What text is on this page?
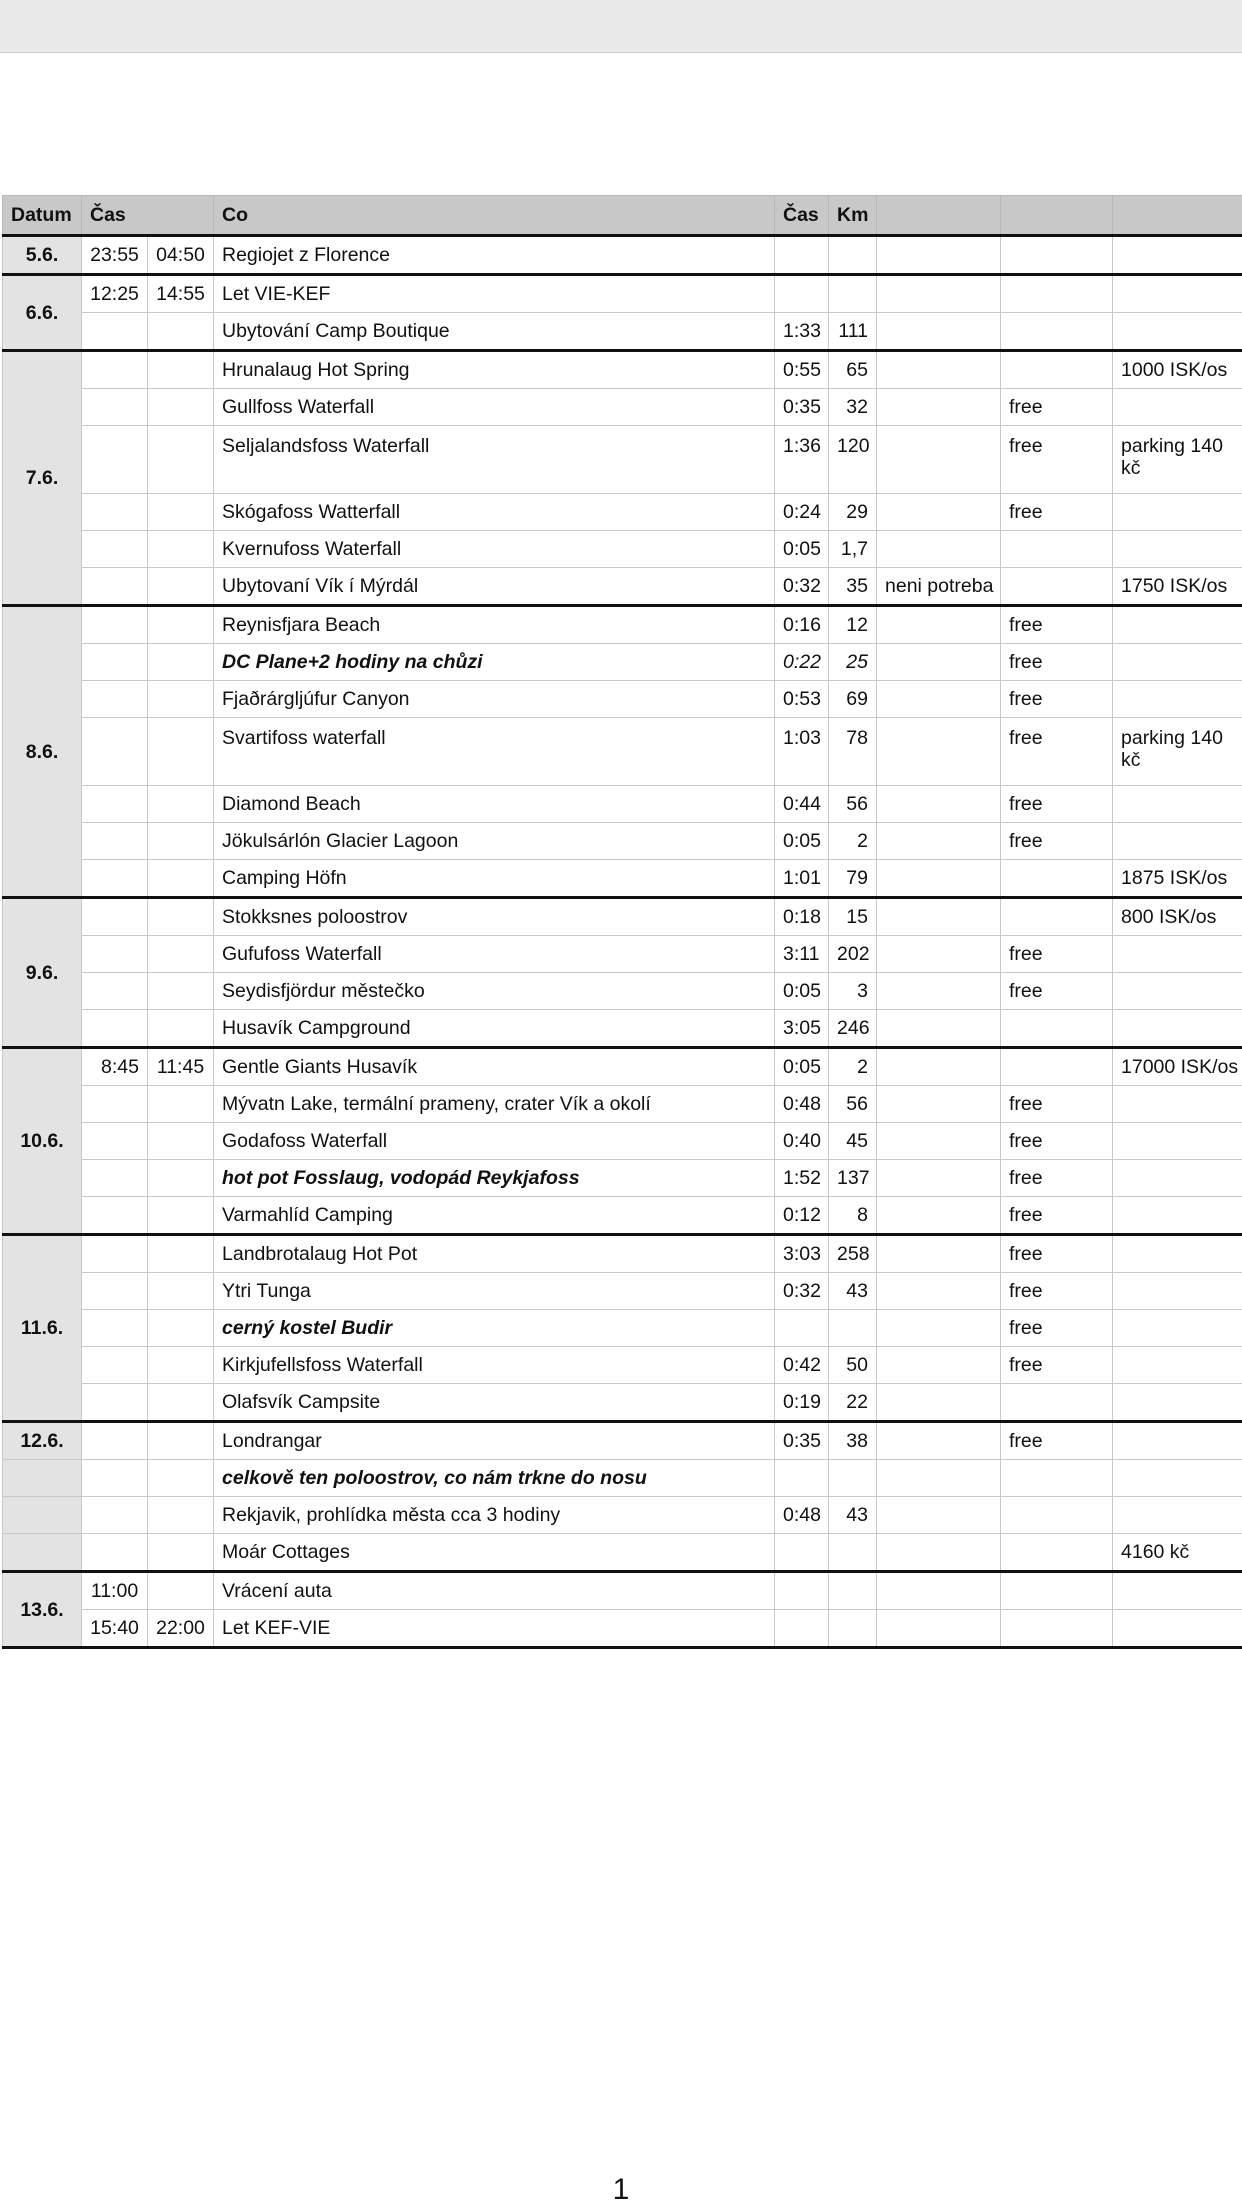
Datum	Čas		Co	Čas	Km			
5.6.	23:55	04:50	Regiojet z Florence					
6.6.	12:25	14:55	Let VIE-KEF					
			Ubytování Camp Boutique	1:33	111			
7.6.			Hrunalaug Hot Spring	0:55	65			1000 ISK/os
			Gullfoss Waterfall	0:35	32		free	
			Seljalandsfoss Waterfall	1:36	120		free	parking 140 kč
			Skógafoss Watterfall	0:24	29		free	
			Kvernufoss Waterfall	0:05	1,7			
			Ubytovaní Vík í Mýrdál	0:32	35	neni potreba		1750 ISK/os
8.6.			Reynisfjara Beach	0:16	12		free	
			DC Plane+2 hodiny na chůzi	0:22	25		free	
			Fjaðrárgljúfur Canyon	0:53	69		free	
			Svartifoss waterfall	1:03	78		free	parking 140 kč
			Diamond Beach	0:44	56		free	
			Jökulsárlón Glacier Lagoon	0:05	2		free	
			Camping Höfn	1:01	79			1875 ISK/os
9.6.			Stokksnes poloostrov	0:18	15			800 ISK/os
			Gufufoss Waterfall	3:11	202		free	
			Seydisfjördur městečko	0:05	3		free	
			Husavík Campground	3:05	246			
10.6.	8:45	11:45	Gentle Giants Husavík	0:05	2			17000 ISK/os
			Mývatn Lake, termální prameny, crater Vík a okolí	0:48	56		free	
			Godafoss Waterfall	0:40	45		free	
			hot pot Fosslaug, vodopád Reykjafoss	1:52	137		free	
			Varmahlíd Camping	0:12	8		free	
11.6.			Landbrotalaug Hot Pot	3:03	258		free	
			Ytri Tunga	0:32	43		free	
			cerný kostel Budir				free	
			Kirkjufellsfoss Waterfall	0:42	50		free	
			Olafsvík Campsite	0:19	22			
12.6.			Londrangar	0:35	38		free	
			celkově ten poloostrov, co nám trkne do nosu					
			Rekjavik, prohlídka města cca 3 hodiny	0:48	43			
			Moár Cottages					4160 kč
13.6.	11:00		Vrácení auta					
	15:40	22:00	Let KEF-VIE					
1
